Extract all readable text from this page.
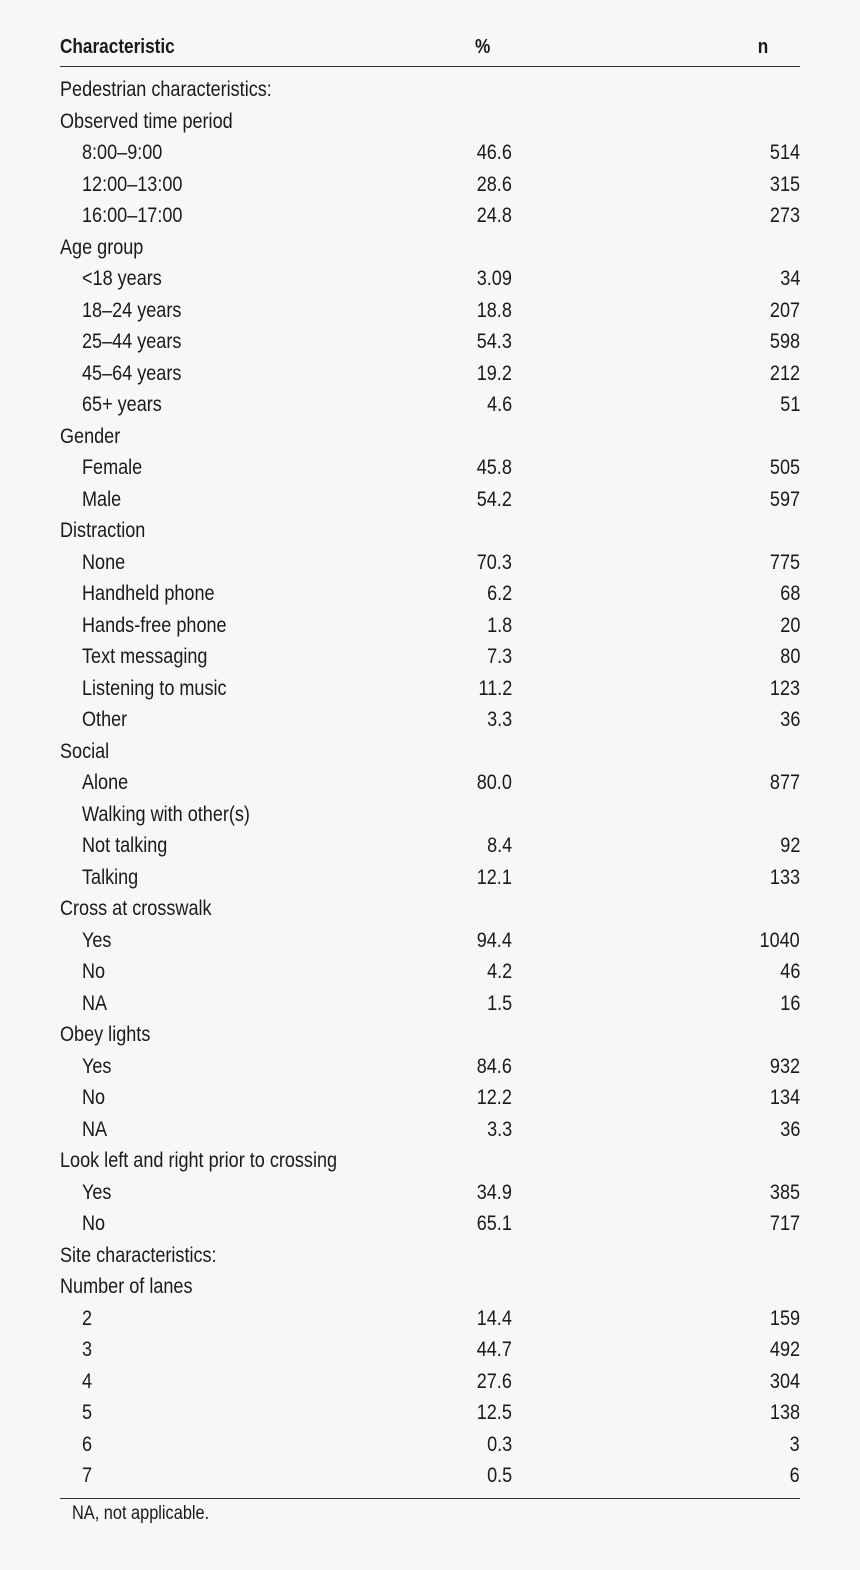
Characteristic	%	n
Pedestrian characteristics:
Observed time period
8:00–9:00	46.6	514
12:00–13:00	28.6	315
16:00–17:00	24.8	273
Age group
<18 years	3.09	34
18–24 years	18.8	207
25–44 years	54.3	598
45–64 years	19.2	212
65+ years	4.6	51
Gender
Female	45.8	505
Male	54.2	597
Distraction
None	70.3	775
Handheld phone	6.2	68
Hands-free phone	1.8	20
Text messaging	7.3	80
Listening to music	11.2	123
Other	3.3	36
Social
Alone	80.0	877
Walking with other(s)
Not talking	8.4	92
Talking	12.1	133
Cross at crosswalk
Yes	94.4	1040
No	4.2	46
NA	1.5	16
Obey lights
Yes	84.6	932
No	12.2	134
NA	3.3	36
Look left and right prior to crossing
Yes	34.9	385
No	65.1	717
Site characteristics:
Number of lanes
2	14.4	159
3	44.7	492
4	27.6	304
5	12.5	138
6	0.3	3
7	0.5	6
NA, not applicable.
